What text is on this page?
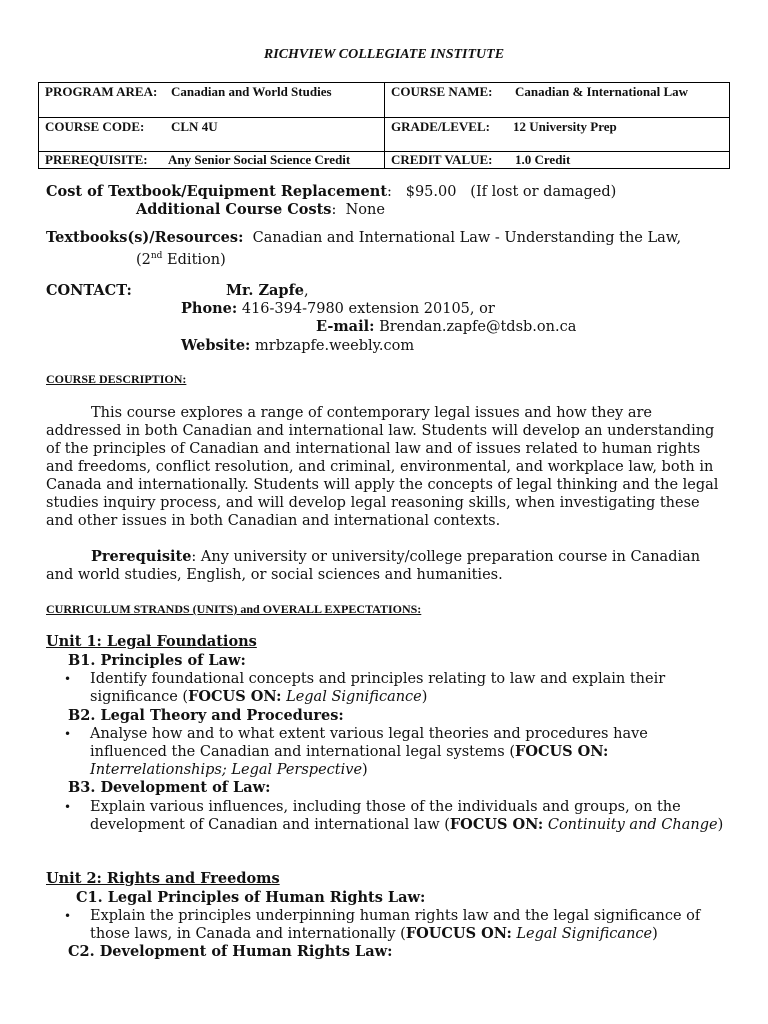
RICHVIEW COLLEGIATE INSTITUTE
PROGRAM AREA: Canadian and World Studies	COURSE NAME: Canadian & International Law
COURSE CODE: CLN 4U	GRADE/LEVEL: 12 University Prep
PREREQUISITE: Any Senior Social Science Credit	CREDIT VALUE: 1.0 Credit
Cost of Textbook/Equipment Replacement:   $95.00   (If lost or damaged)
Additional Course Costs:  None
Textbooks(s)/Resources: Canadian and International Law - Understanding the Law,
(2nd Edition)
CONTACT:	Mr. Zapfe,
Phone: 416-394-7980 extension 20105, or
E-mail: Brendan.zapfe@tdsb.on.ca
Website: mrbzapfe.weebly.com
COURSE DESCRIPTION:
This course explores a range of contemporary legal issues and how they are addressed in both Canadian and international law. Students will develop an understanding of the principles of Canadian and international law and of issues related to human rights and freedoms, conflict resolution, and criminal, environmental, and workplace law, both in Canada and internationally. Students will apply the concepts of legal thinking and the legal studies inquiry process, and will develop legal reasoning skills, when investigating these and other issues in both Canadian and international contexts.
Prerequisite: Any university or university/college preparation course in Canadian and world studies, English, or social sciences and humanities.
CURRICULUM STRANDS (UNITS) and OVERALL EXPECTATIONS:
Unit 1: Legal Foundations
B1. Principles of Law:
• Identify foundational concepts and principles relating to law and explain their significance (FOCUS ON: Legal Significance)
B2. Legal Theory and Procedures:
• Analyse how and to what extent various legal theories and procedures have influenced the Canadian and international legal systems (FOCUS ON: Interrelationships; Legal Perspective)
B3. Development of Law:
• Explain various influences, including those of the individuals and groups, on the development of Canadian and international law (FOCUS ON: Continuity and Change)
Unit 2: Rights and Freedoms
C1. Legal Principles of Human Rights Law:
• Explain the principles underpinning human rights law and the legal significance of those laws, in Canada and internationally (FOUCUS ON: Legal Significance)
C2. Development of Human Rights Law:
